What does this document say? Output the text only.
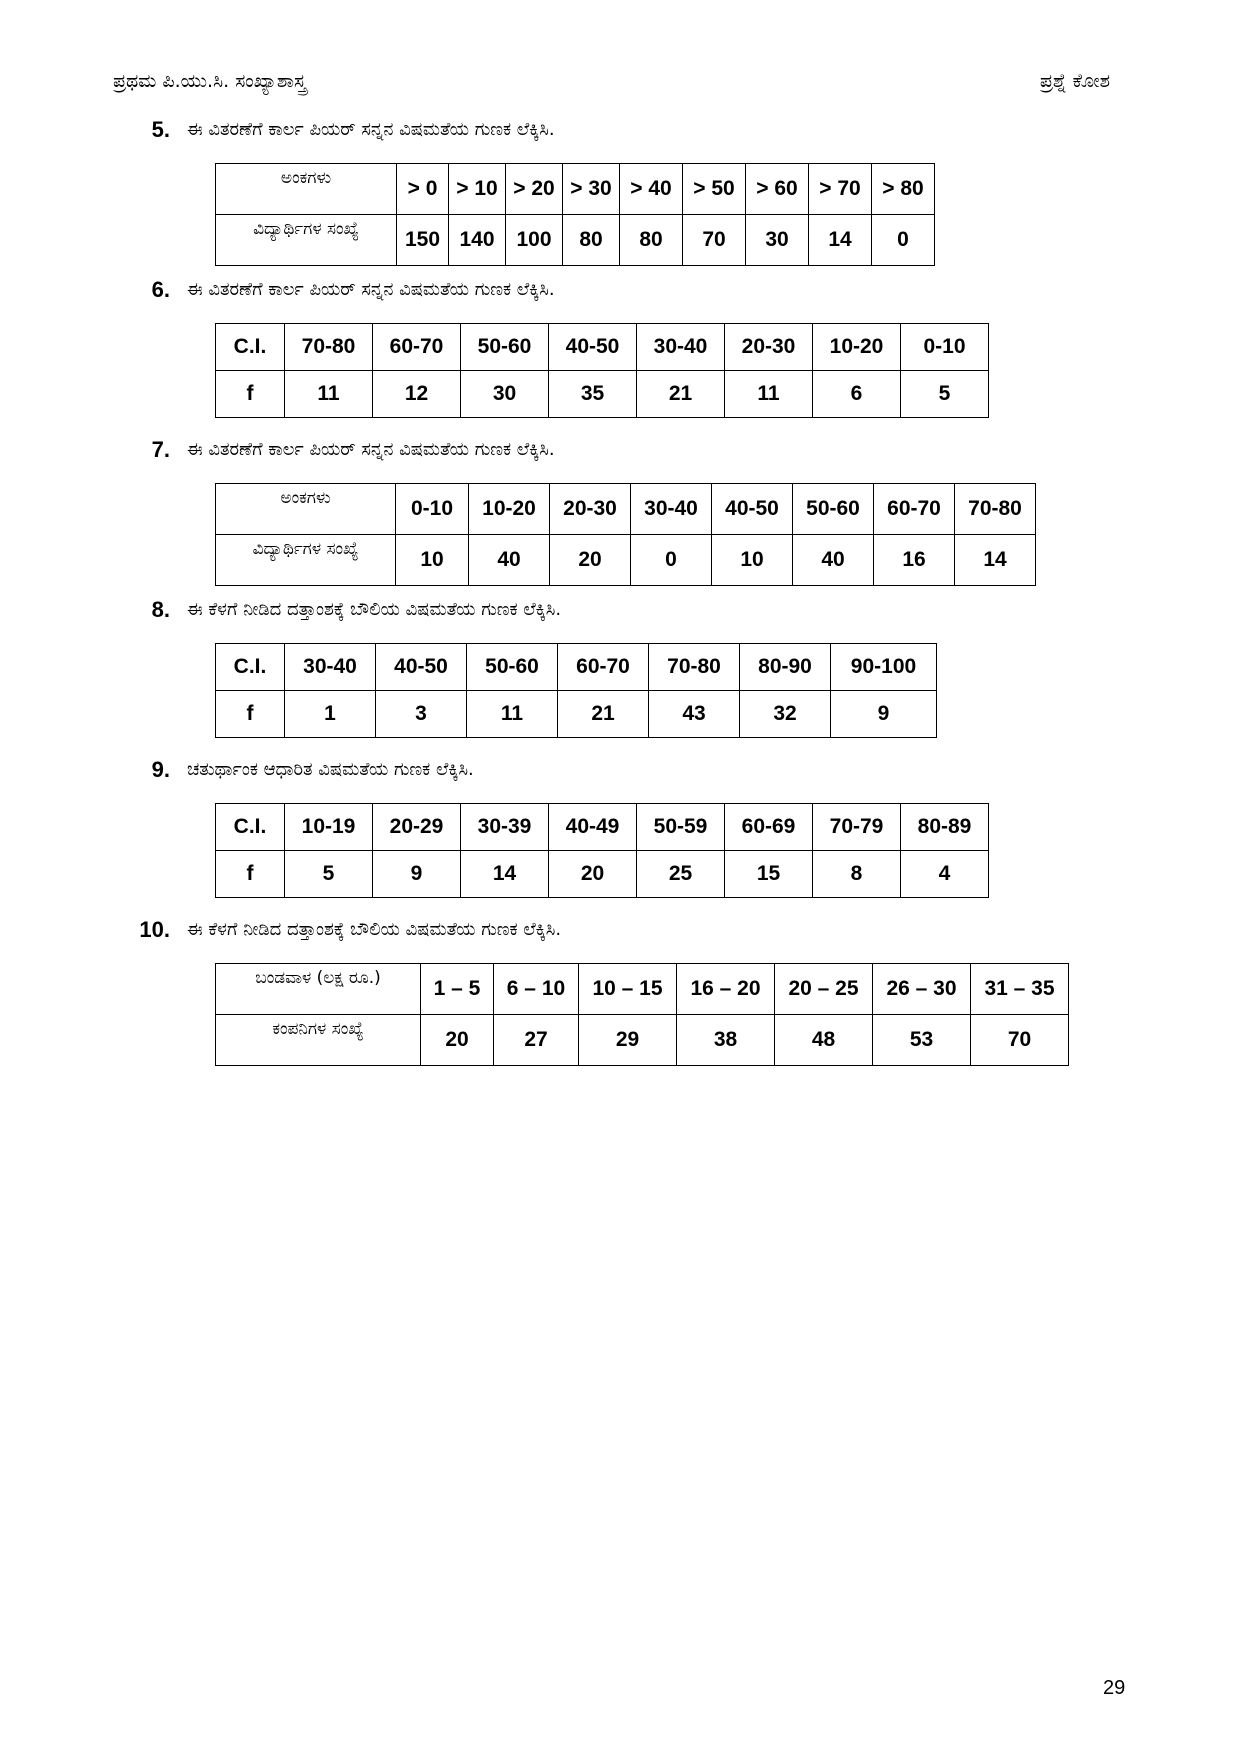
ಪ್ರಥಮ ಪಿ.ಯು.ಸಿ. ಸಂಖ್ಯಾಶಾಸ್ತ್ರ	ಪ್ರಶ್ನೆ ಕೋಶ
5. ಈ ವಿತರಣೆಗೆ ಕಾರ್ಲ ಪಿಯರ್ ಸನ್ನನ ವಿಷಮತೆಯ ಗುಣಕ ಲೆಕ್ಕಿಸಿ.
ಅಂಕಗಳು	> 0	> 10	> 20	> 30	> 40	> 50	> 60	> 70	> 80
ವಿದ್ಯಾರ್ಥಿಗಳ ಸಂಖ್ಯೆ	150	140	100	80	80	70	30	14	0
6. ಈ ವಿತರಣೆಗೆ ಕಾರ್ಲ ಪಿಯರ್ ಸನ್ನನ ವಿಷಮತೆಯ ಗುಣಕ ಲೆಕ್ಕಿಸಿ.
C.I.	70-80	60-70	50-60	40-50	30-40	20-30	10-20	0-10
f	11	12	30	35	21	11	6	5
7. ಈ ವಿತರಣೆಗೆ ಕಾರ್ಲ ಪಿಯರ್ ಸನ್ನನ ವಿಷಮತೆಯ ಗುಣಕ ಲೆಕ್ಕಿಸಿ.
ಅಂಕಗಳು	0-10	10-20	20-30	30-40	40-50	50-60	60-70	70-80
ವಿದ್ಯಾರ್ಥಿಗಳ ಸಂಖ್ಯೆ	10	40	20	0	10	40	16	14
8. ಈ ಕೆಳಗೆ ನೀಡಿದ ದತ್ತಾಂಶಕ್ಕೆ ಬೌಲಿಯ ವಿಷಮತೆಯ ಗುಣಕ ಲೆಕ್ಕಿಸಿ.
C.I.	30-40	40-50	50-60	60-70	70-80	80-90	90-100
f	1	3	11	21	43	32	9
9. ಚತುರ್ಥಾಂಕ ಆಧಾರಿತ ವಿಷಮತೆಯ ಗುಣಕ ಲೆಕ್ಕಿಸಿ.
C.I.	10-19	20-29	30-39	40-49	50-59	60-69	70-79	80-89
f	5	9	14	20	25	15	8	4
10. ಈ ಕೆಳಗೆ ನೀಡಿದ ದತ್ತಾಂಶಕ್ಕೆ ಬೌಲಿಯ ವಿಷಮತೆಯ ಗುಣಕ ಲೆಕ್ಕಿಸಿ.
ಬಂಡವಾಳ (ಲಕ್ಷ ರೂ.)	1 – 5	6 – 10	10 – 15	16 – 20	20 – 25	26 – 30	31 – 35
ಕಂಪನಿಗಳ ಸಂಖ್ಯೆ	20	27	29	38	48	53	70
29
